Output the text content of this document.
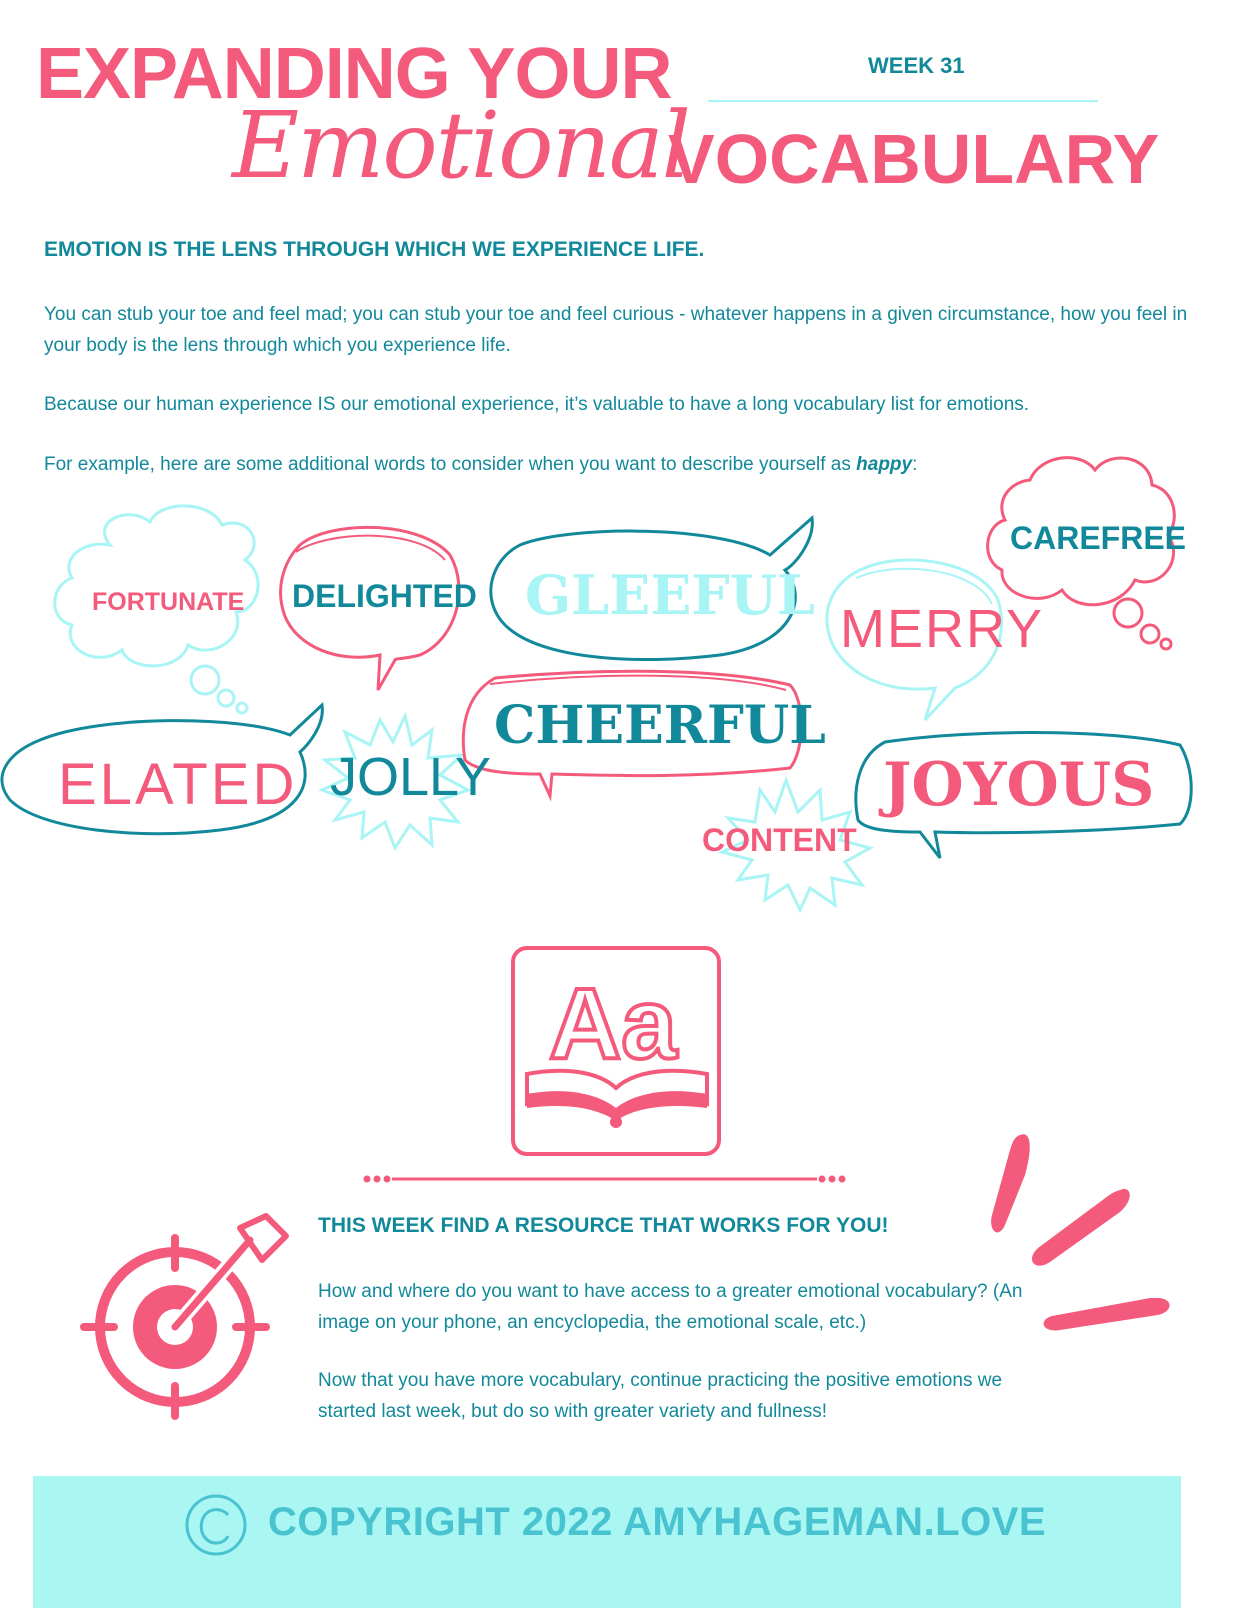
EXPANDING YOUR
Emotional
VOCABULARY
WEEK 31
EMOTION IS THE LENS THROUGH WHICH WE EXPERIENCE LIFE.
You can stub your toe and feel mad; you can stub your toe and feel curious - whatever happens in a given circumstance, how you feel in your body is the lens through which you experience life.
Because our human experience IS our emotional experience, it’s valuable to have a long vocabulary list for emotions.
For example, here are some additional words to consider when you want to describe yourself as happy:
FORTUNATE DELIGHTED GLEEFUL
MERRY
CAREFREE
ELATED JOLLY
CHEERFUL
CONTENT
JOYOUS
Aa
THIS WEEK FIND A RESOURCE THAT WORKS FOR YOU!
How and where do you want to have access to a greater emotional vocabulary? (An image on your phone, an encyclopedia, the emotional scale, etc.)
Now that you have more vocabulary, continue practicing the positive emotions we started last week, but do so with greater variety and fullness!
COPYRIGHT 2022 AMYHAGEMAN.LOVE
